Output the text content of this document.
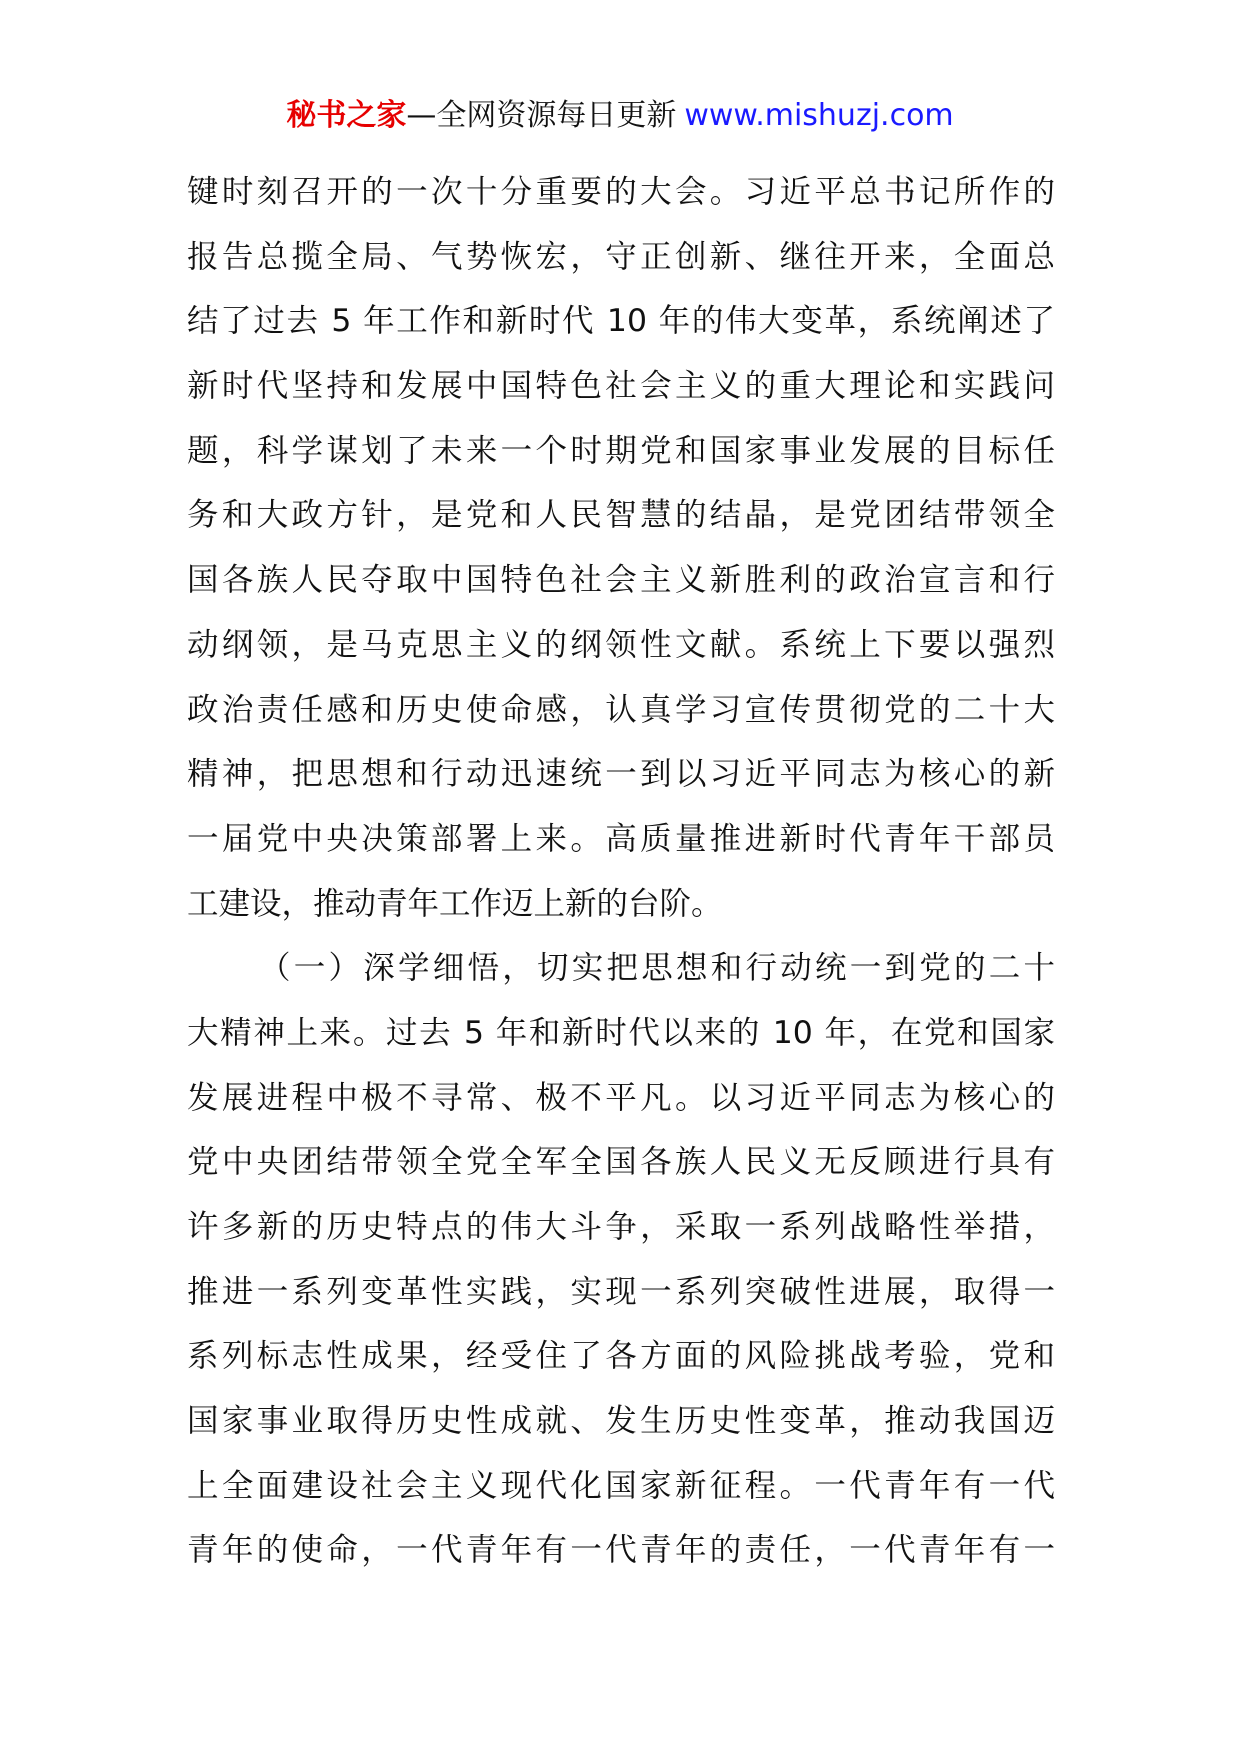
秘书之家—全网资源每日更新 www.mishuzj.com
键时刻召开的一次十分重要的大会。习近平总书记所作的
报告总揽全局、气势恢宏，守正创新、继往开来，全面总
结了过去 5 年工作和新时代 10 年的伟大变革，系统阐述了
新时代坚持和发展中国特色社会主义的重大理论和实践问
题，科学谋划了未来一个时期党和国家事业发展的目标任
务和大政方针，是党和人民智慧的结晶，是党团结带领全
国各族人民夺取中国特色社会主义新胜利的政治宣言和行
动纲领，是马克思主义的纲领性文献。系统上下要以强烈
政治责任感和历史使命感，认真学习宣传贯彻党的二十大
精神，把思想和行动迅速统一到以习近平同志为核心的新
一届党中央决策部署上来。高质量推进新时代青年干部员
工建设，推动青年工作迈上新的台阶。
（一）深学细悟，切实把思想和行动统一到党的二十
大精神上来。过去 5 年和新时代以来的 10 年，在党和国家
发展进程中极不寻常、极不平凡。以习近平同志为核心的
党中央团结带领全党全军全国各族人民义无反顾进行具有
许多新的历史特点的伟大斗争，采取一系列战略性举措，
推进一系列变革性实践，实现一系列突破性进展，取得一
系列标志性成果，经受住了各方面的风险挑战考验，党和
国家事业取得历史性成就、发生历史性变革，推动我国迈
上全面建设社会主义现代化国家新征程。一代青年有一代
青年的使命，一代青年有一代青年的责任，一代青年有一
